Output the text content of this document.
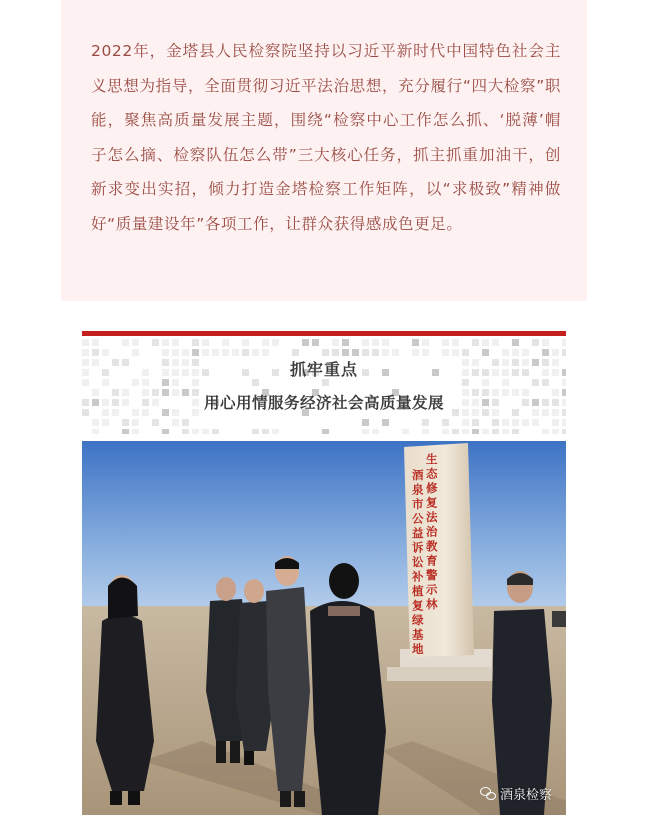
2022年，金塔县人民检察院坚持以习近平新时代中国特色社会主义思想为指导，全面贯彻习近平法治思想，充分履行“四大检察”职能，聚焦高质量发展主题，围绕“检察中心工作怎么抓、‘脱薄’帽子怎么摘、检察队伍怎么带”三大核心任务，抓主抓重加油干，创新求变出实招，倾力打造金塔检察工作矩阵，以“求极致”精神做好“质量建设年”各项工作，让群众获得感成色更足。

抓牢重点
用心用情服务经济社会高质量发展
酒泉市公益诉讼补植复绿基地
生态修复法治教育警示林
酒泉检察
